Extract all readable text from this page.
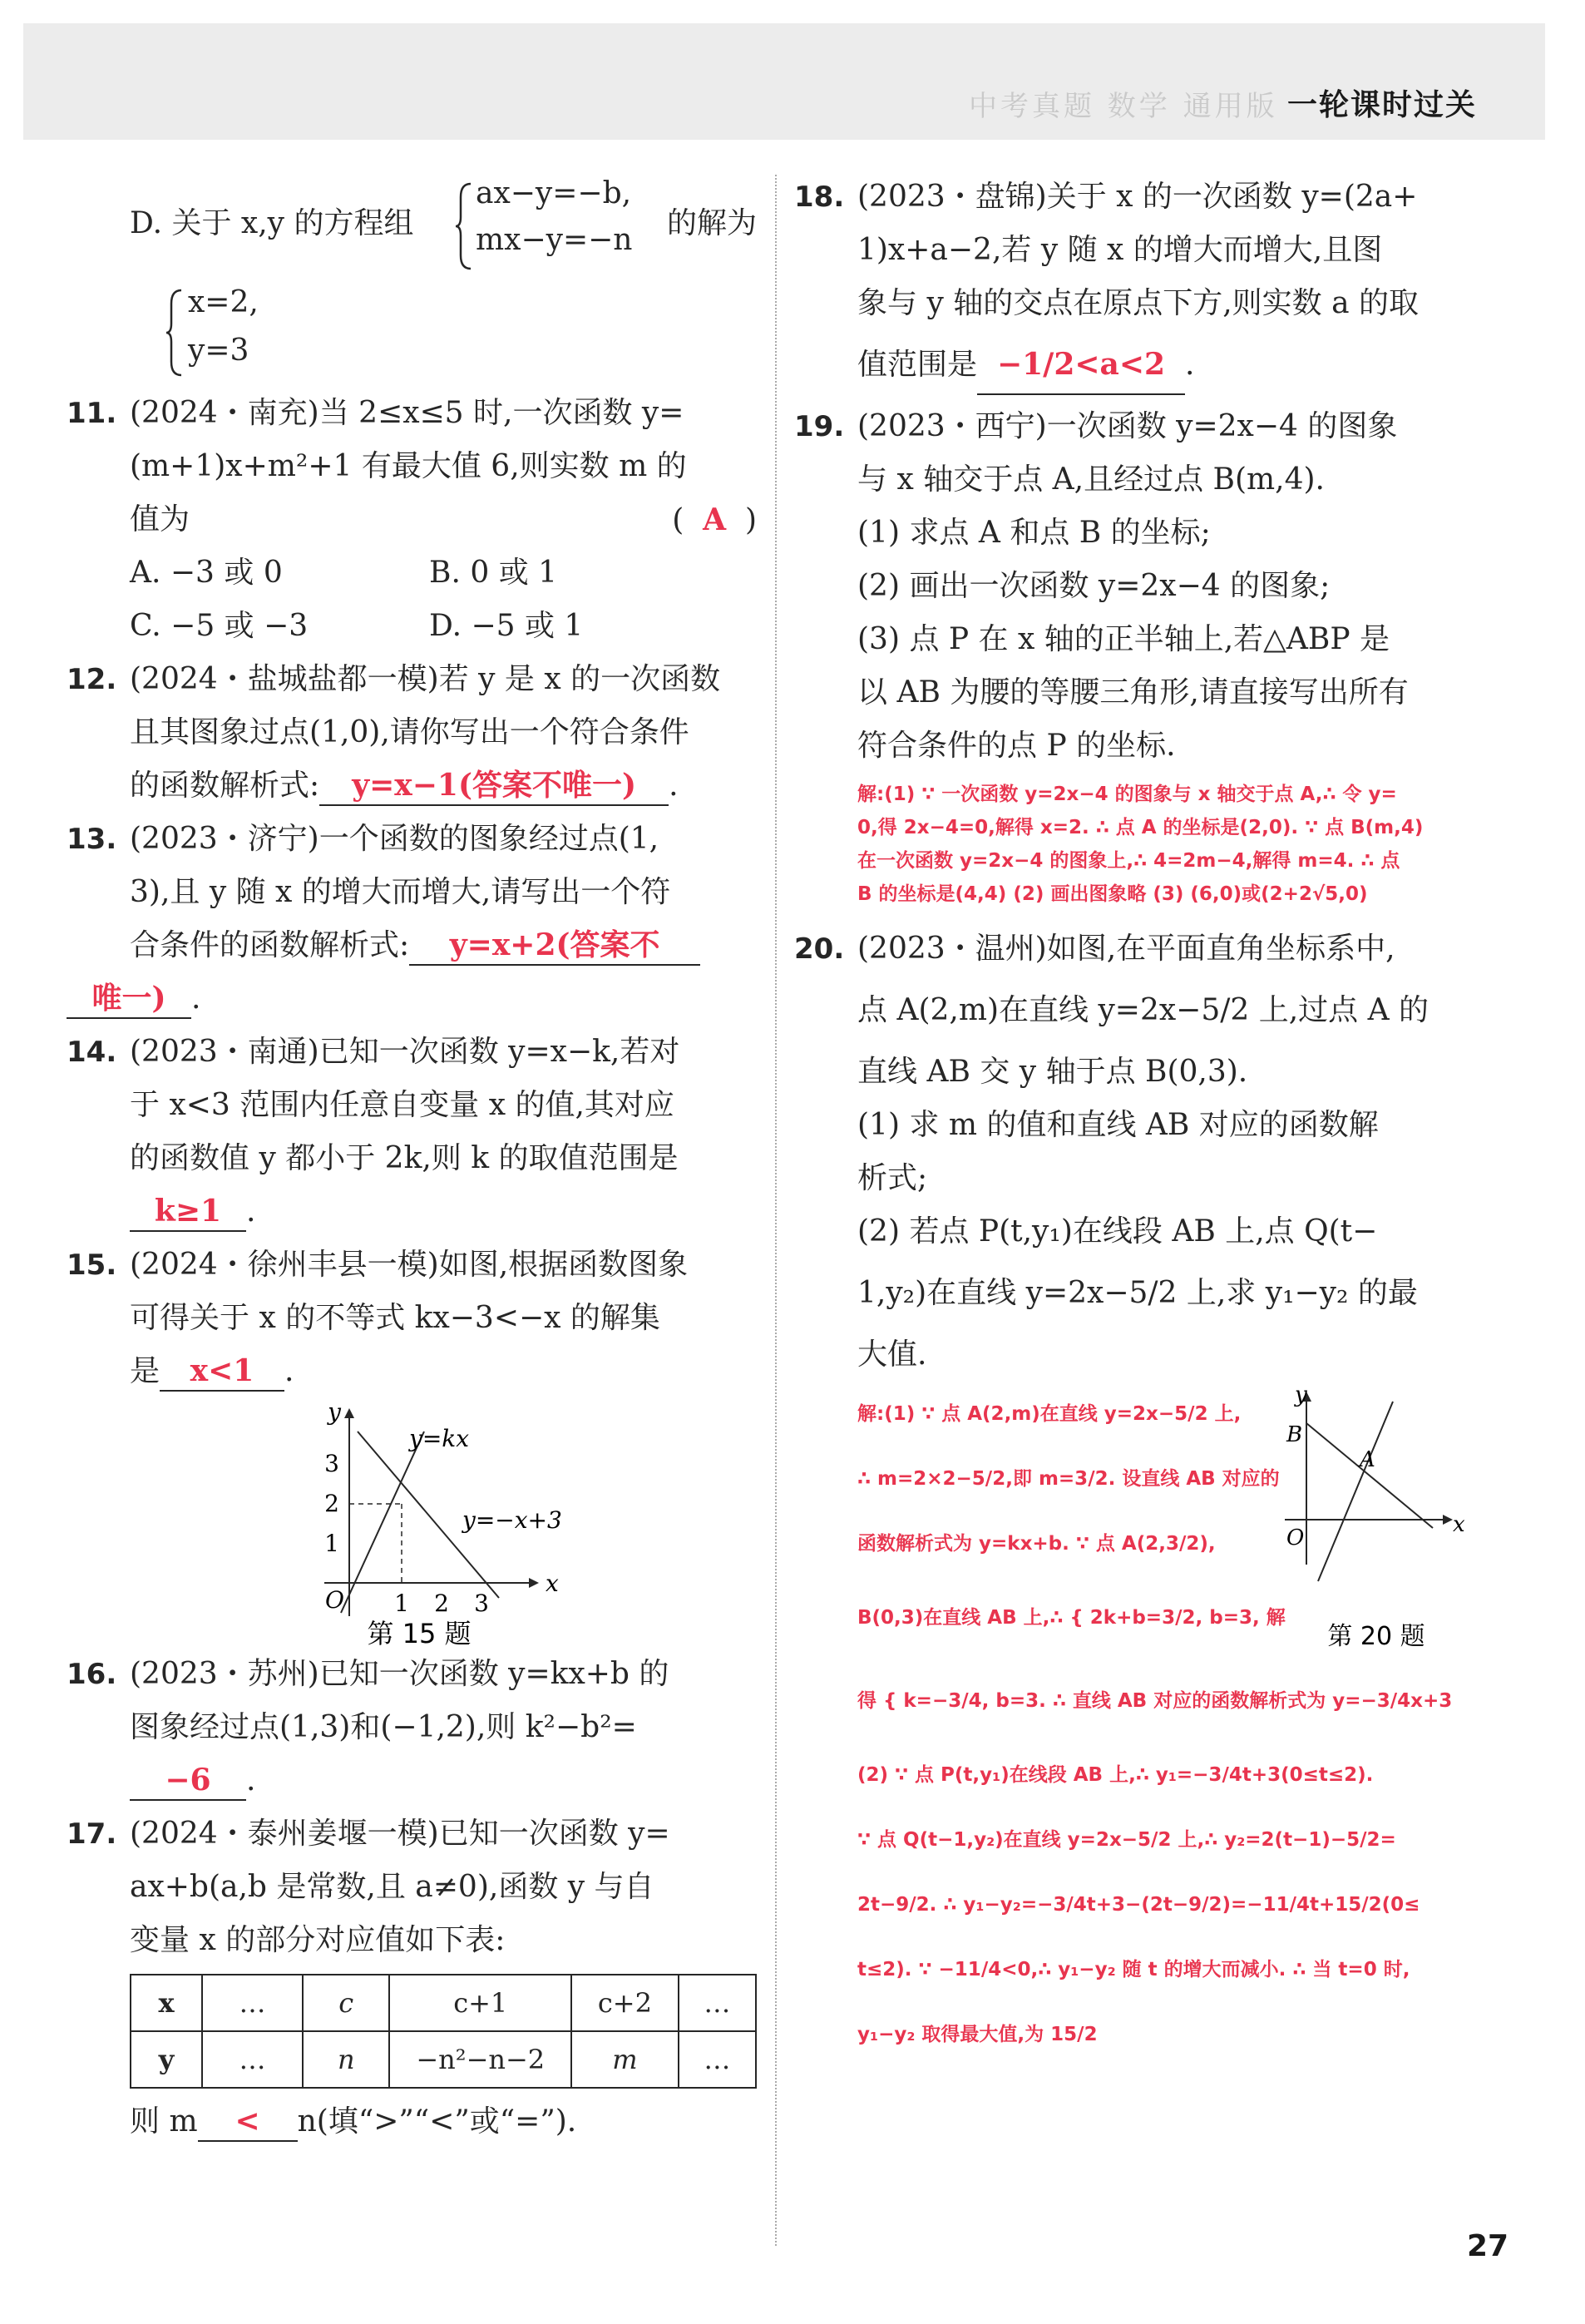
中考真题 数学 通用版 一轮课时过关
D. 关于 x,y 的方程组
ax−y=−b,
mx−y=−n 的解为
x=2,
y=3
11. (2024・南充)当 2≤x≤5 时,一次函数 y=
(m+1)x+m²+1 有最大值 6,则实数 m 的
值为	(  A  )
A. −3 或 0	B. 0 或 1
C. −5 或 −3	D. −5 或 1
12. (2024・盐城盐都一模)若 y 是 x 的一次函数
且其图象过点(1,0),请你写出一个符合条件
的函数解析式: y=x−1(答案不唯一) .
13. (2023・济宁)一个函数的图象经过点(1,
3),且 y 随 x 的增大而增大,请写出一个符
合条件的函数解析式: y=x+2(答案不
唯一) .
14. (2023・南通)已知一次函数 y=x−k,若对
于 x<3 范围内任意自变量 x 的值,其对应
的函数值 y 都小于 2k,则 k 的取值范围是
k≥1 .
15. (2024・徐州丰县一模)如图,根据函数图象
可得关于 x 的不等式 kx−3<−x 的解集
是 x<1 .
y
x
O 1 2 3
1
2
3
y=kx
y=−x+3
第 15 题
16. (2023・苏州)已知一次函数 y=kx+b 的
图象经过点(1,3)和(−1,2),则 k²−b²=
−6 .
17. (2024・泰州姜堰一模)已知一次函数 y=
ax+b(a,b 是常数,且 a≠0),函数 y 与自
变量 x 的部分对应值如下表:
x	…	c	c+1	c+2	…
y	…	n	−n²−n−2	m	…
则 m < n(填“>”“<”或“=”).
18. (2023・盘锦)关于 x 的一次函数 y=(2a+
1)x+a−2,若 y 随 x 的增大而增大,且图
象与 y 轴的交点在原点下方,则实数 a 的取
值范围是 −1/2<a<2 .
19. (2023・西宁)一次函数 y=2x−4 的图象
与 x 轴交于点 A,且经过点 B(m,4).
(1) 求点 A 和点 B 的坐标;
(2) 画出一次函数 y=2x−4 的图象;
(3) 点 P 在 x 轴的正半轴上,若△ABP 是
以 AB 为腰的等腰三角形,请直接写出所有
符合条件的点 P 的坐标.
解:(1) ∵ 一次函数 y=2x−4 的图象与 x 轴交于点 A,∴ 令 y=
0,得 2x−4=0,解得 x=2. ∴ 点 A 的坐标是(2,0). ∵ 点 B(m,4)
在一次函数 y=2x−4 的图象上,∴ 4=2m−4,解得 m=4. ∴ 点
B 的坐标是(4,4) (2) 画出图象略 (3) (6,0)或(2+2√5,0)
20. (2023・温州)如图,在平面直角坐标系中,
点 A(2,m)在直线 y=2x−5/2 上,过点 A 的
直线 AB 交 y 轴于点 B(0,3).
(1) 求 m 的值和直线 AB 对应的函数解
析式;
(2) 若点 P(t,y₁)在线段 AB 上,点 Q(t−
1,y₂)在直线 y=2x−5/2 上,求 y₁−y₂ 的最
大值.
y
x
B
A
O
第 20 题
解:(1) ∵ 点 A(2,m)在直线 y=2x−5/2 上,
∴ m=2×2−5/2,即 m=3/2. 设直线 AB 对应的
函数解析式为 y=kx+b. ∵ 点 A(2,3/2),
B(0,3)在直线 AB 上,∴ { 2k+b=3/2, b=3, 解
得 { k=−3/4, b=3. ∴ 直线 AB 对应的函数解析式为 y=−3/4x+3
(2) ∵ 点 P(t,y₁)在线段 AB 上,∴ y₁=−3/4t+3(0≤t≤2).
∵ 点 Q(t−1,y₂)在直线 y=2x−5/2 上,∴ y₂=2(t−1)−5/2=
2t−9/2. ∴ y₁−y₂=−3/4t+3−(2t−9/2)=−11/4t+15/2(0≤
t≤2). ∵ −11/4<0,∴ y₁−y₂ 随 t 的增大而减小. ∴ 当 t=0 时,
y₁−y₂ 取得最大值,为 15/2
27
